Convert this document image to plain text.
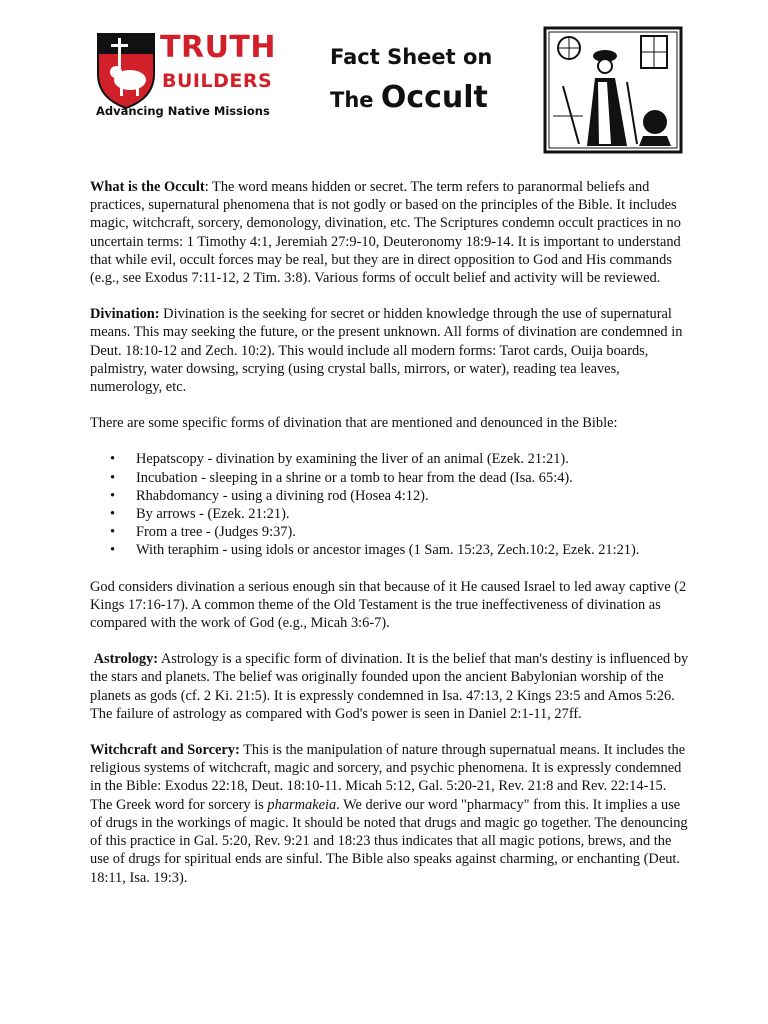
TRUTH
BUILDERS
Advancing Native Missions
Fact Sheet on
The Occult

What is the Occult: The word means hidden or secret. The term refers to paranormal beliefs and practices, supernatural phenomena that is not godly or based on the principles of the Bible. It includes magic, witchcraft, sorcery, demonology, divination, etc. The Scriptures condemn occult practices in no uncertain terms: 1 Timothy 4:1, Jeremiah 27:9-10, Deuteronomy 18:9-14. It is important to understand that while evil, occult forces may be real, but they are in direct opposition to God and His commands (e.g., see Exodus 7:11-12, 2 Tim. 3:8). Various forms of occult belief and activity will be reviewed.

Divination: Divination is the seeking for secret or hidden knowledge through the use of supernatural means. This may seeking the future, or the present unknown. All forms of divination are condemned in Deut. 18:10-12 and Zech. 10:2). This would include all modern forms: Tarot cards, Ouija boards, palmistry, water dowsing, scrying (using crystal balls, mirrors, or water), reading tea leaves, numerology, etc.

There are some specific forms of divination that are mentioned and denounced in the Bible:

• Hepatscopy - divination by examining the liver of an animal (Ezek. 21:21).
• Incubation - sleeping in a shrine or a tomb to hear from the dead (Isa. 65:4).
• Rhabdomancy - using a divining rod (Hosea 4:12).
• By arrows - (Ezek. 21:21).
• From a tree - (Judges 9:37).
• With teraphim - using idols or ancestor images (1 Sam. 15:23, Zech.10:2, Ezek. 21:21).

God considers divination a serious enough sin that because of it He caused Israel to led away captive (2 Kings 17:16-17). A common theme of the Old Testament is the true ineffectiveness of divination as compared with the work of God (e.g., Micah 3:6-7).

Astrology: Astrology is a specific form of divination. It is the belief that man's destiny is influenced by the stars and planets. The belief was originally founded upon the ancient Babylonian worship of the planets as gods (cf. 2 Ki. 21:5). It is expressly condemned in Isa. 47:13, 2 Kings 23:5 and Amos 5:26. The failure of astrology as compared with God's power is seen in Daniel 2:1-11, 27ff.

Witchcraft and Sorcery: This is the manipulation of nature through supernatual means. It includes the religious systems of witchcraft, magic and sorcery, and psychic phenomena. It is expressly condemned in the Bible: Exodus 22:18, Deut. 18:10-11. Micah 5:12, Gal. 5:20-21, Rev. 21:8 and Rev. 22:14-15. The Greek word for sorcery is pharmakeia. We derive our word "pharmacy" from this. It implies a use of drugs in the workings of magic. It should be noted that drugs and magic go together. The denouncing of this practice in Gal. 5:20, Rev. 9:21 and 18:23 thus indicates that all magic potions, brews, and the use of drugs for spiritual ends are sinful. The Bible also speaks against charming, or enchanting (Deut. 18:11, Isa. 19:3).
